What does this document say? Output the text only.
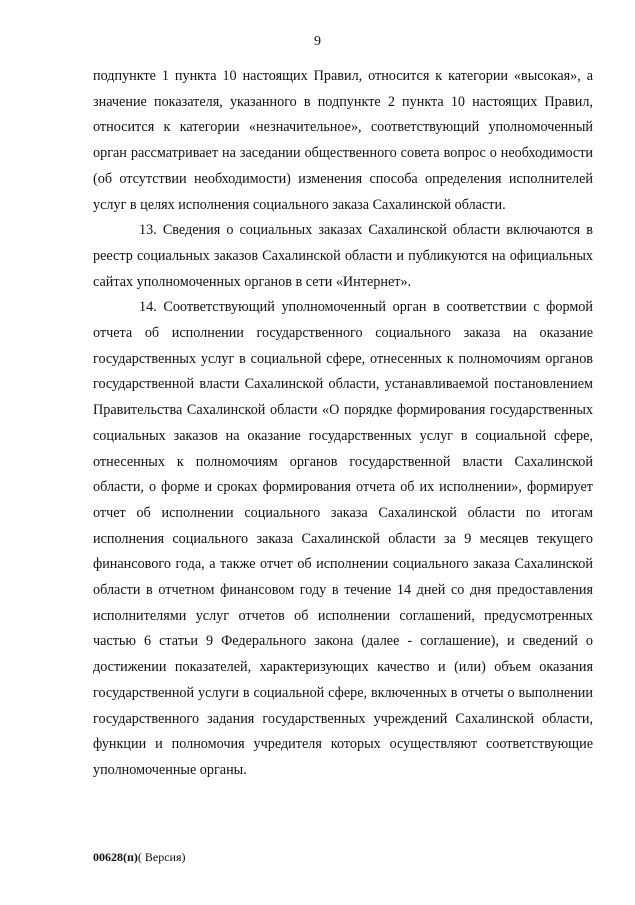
9

подпункте 1 пункта 10 настоящих Правил, относится к категории «высокая», а значение показателя, указанного в подпункте 2 пункта 10 настоящих Правил, относится к категории «незначительное», соответствующий уполномоченный орган рассматривает на заседании общественного совета вопрос о необходимости (об отсутствии необходимости) изменения способа определения исполнителей услуг в целях исполнения социального заказа Сахалинской области.

13. Сведения о социальных заказах Сахалинской области включаются в реестр социальных заказов Сахалинской области и публикуются на официальных сайтах уполномоченных органов в сети «Интернет».

14. Соответствующий уполномоченный орган в соответствии с формой отчета об исполнении государственного социального заказа на оказание государственных услуг в социальной сфере, отнесенных к полномочиям органов государственной власти Сахалинской области, устанавливаемой постановлением Правительства Сахалинской области «О порядке формирования государственных социальных заказов на оказание государственных услуг в социальной сфере, отнесенных к полномочиям органов государственной власти Сахалинской области, о форме и сроках формирования отчета об их исполнении», формирует отчет об исполнении социального заказа Сахалинской области по итогам исполнения социального заказа Сахалинской области за 9 месяцев текущего финансового года, а также отчет об исполнении социального заказа Сахалинской области в отчетном финансовом году в течение 14 дней со дня предоставления исполнителями услуг отчетов об исполнении соглашений, предусмотренных частью 6 статьи 9 Федерального закона (далее - соглашение), и сведений о достижении показателей, характеризующих качество и (или) объем оказания государственной услуги в социальной сфере, включенных в отчеты о выполнении государственного задания государственных учреждений Сахалинской области, функции и полномочия учредителя которых осуществляют соответствующие уполномоченные органы.

00628(п)( Версия)
